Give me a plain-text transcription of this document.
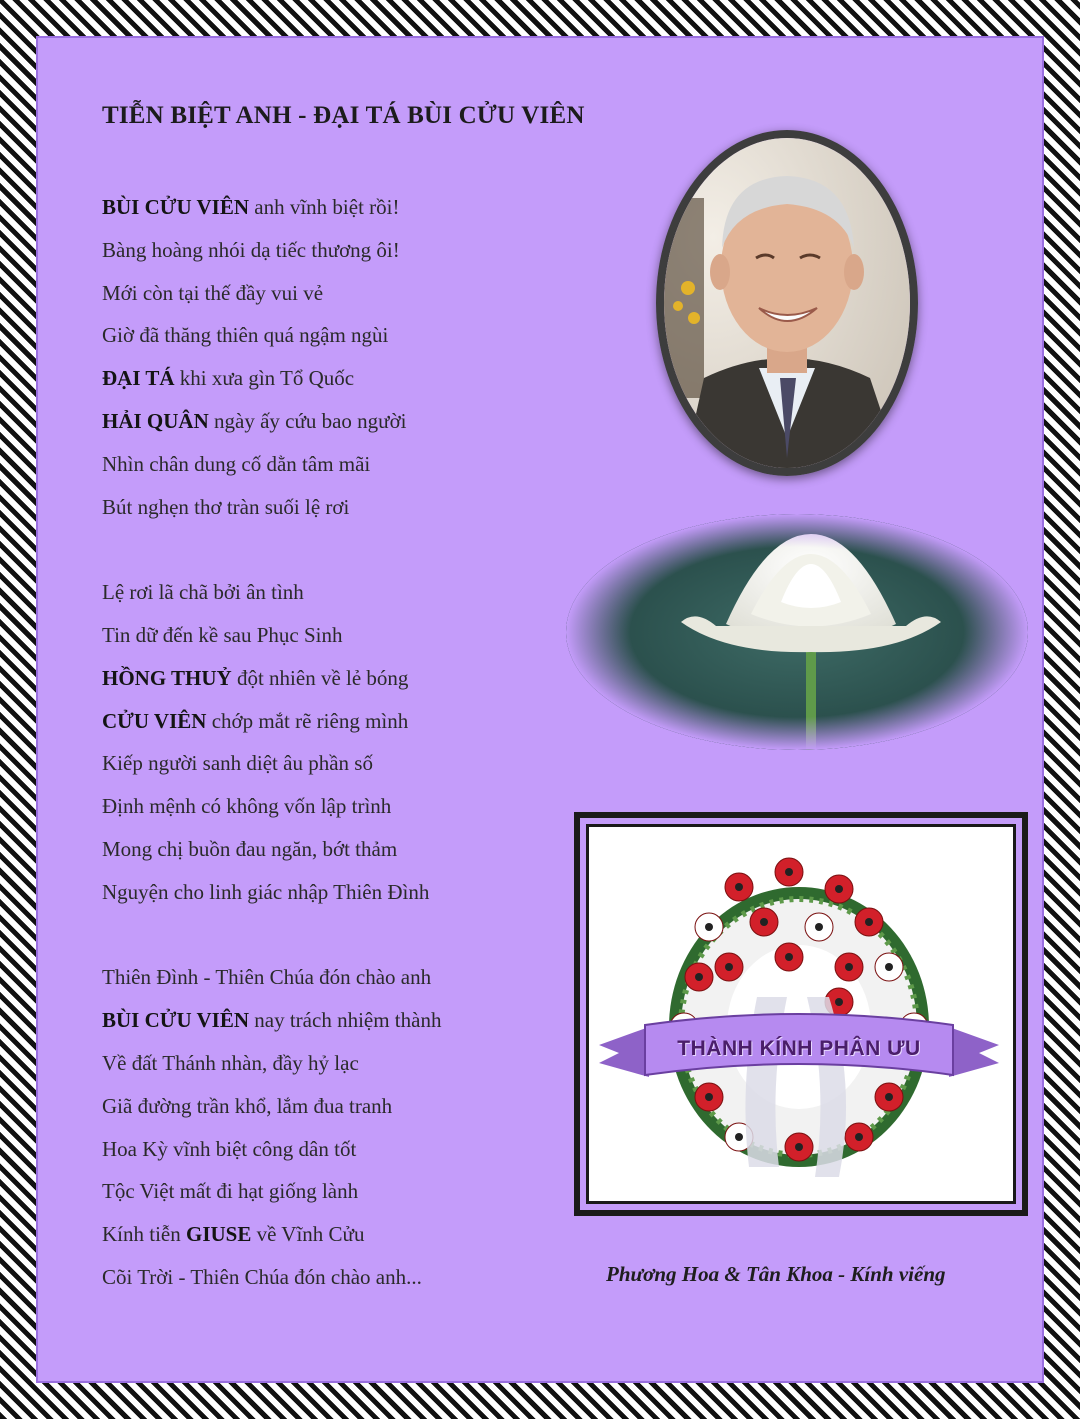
TIỄN BIỆT ANH - ĐẠI TÁ BÙI CỬU VIÊN
BÙI CỬU VIÊN anh vĩnh biệt rồi!
Bàng hoàng nhói dạ tiếc thương ôi!
Mới còn tại thế đầy vui vẻ
Giờ đã thăng thiên quá ngậm ngùi
ĐẠI TÁ khi xưa gìn Tổ Quốc
HẢI QUÂN ngày ấy cứu bao người
Nhìn chân dung cố dằn tâm mãi
Bút nghẹn thơ tràn suối lệ rơi
Lệ rơi lã chã bởi ân tình
Tin dữ đến kề sau Phục Sinh
HỒNG THUỶ đột nhiên về lẻ bóng
CỬU VIÊN chớp mắt rẽ riêng mình
Kiếp người sanh diệt âu phần số
Định mệnh có không vốn lập trình
Mong chị buồn đau ngăn, bớt thảm
Nguyện cho linh giác nhập Thiên Đình
Thiên Đình - Thiên Chúa đón chào anh
BÙI CỬU VIÊN nay trách nhiệm thành
Về đất Thánh nhàn, đầy hỷ lạc
Giã đường trần khổ, lắm đua tranh
Hoa Kỳ vĩnh biệt công dân tốt
Tộc Việt mất đi hạt giống lành
Kính tiễn GIUSE về Vĩnh Cửu
Cõi Trời - Thiên Chúa đón chào anh...
THÀNH KÍNH PHÂN ƯU

Phương Hoa & Tân Khoa - Kính viếng
